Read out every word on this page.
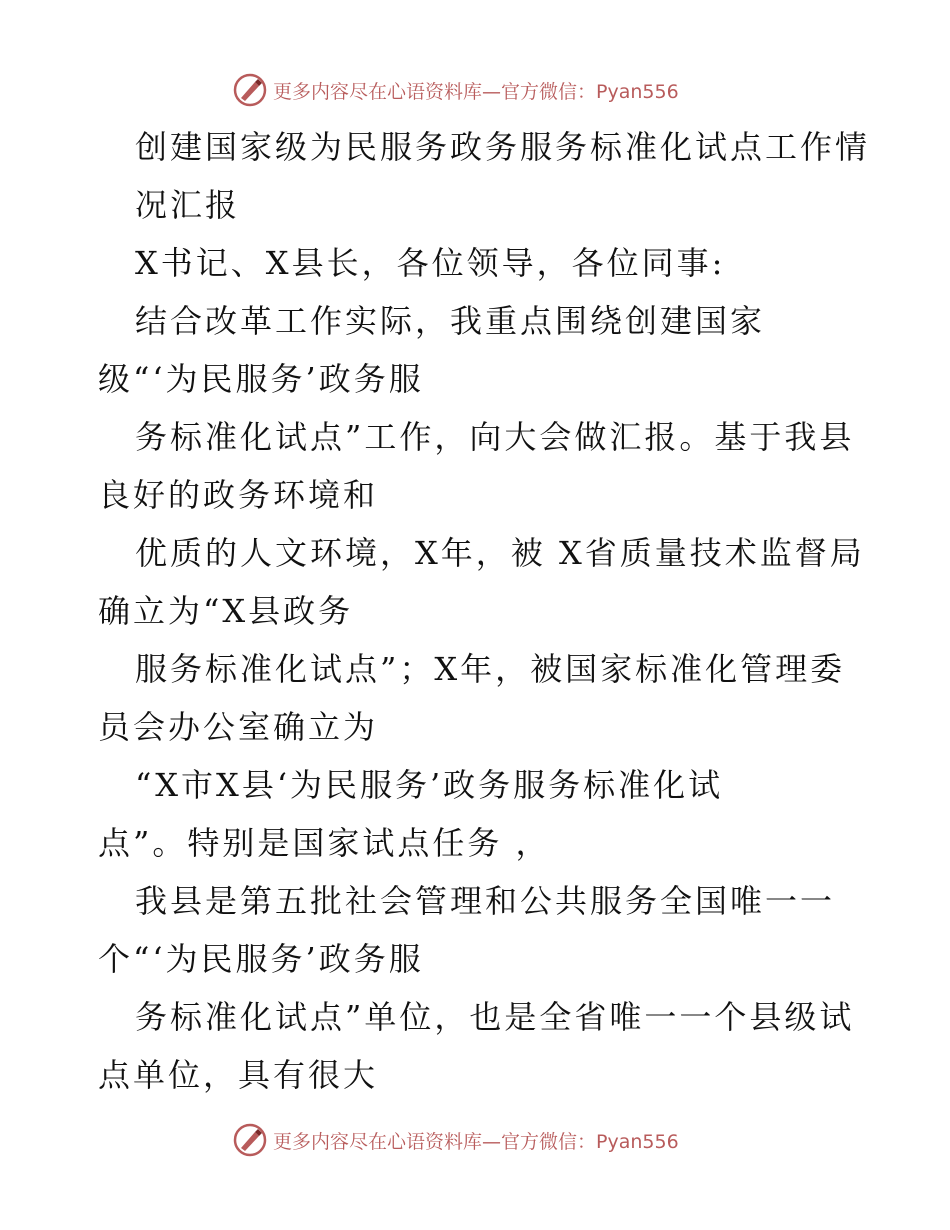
更多内容尽在心语资料库—官方微信：Pyan556
创建国家级为民服务政务服务标准化试点工作情
况汇报
X书记、X县长，各位领导，各位同事:
结合改革工作实际，我重点围绕创建国家
级“‘为民服务’政务服
务标准化试点”工作，向大会做汇报。基于我县
良好的政务环境和
优质的人文环境，X年，被 X省质量技术监督局
确立为“X县政务
服务标准化试点”；X年，被国家标准化管理委
员会办公室确立为
“X市X县‘为民服务’政务服务标准化试
点”。特别是国家试点任务 ，
我县是第五批社会管理和公共服务全国唯一一
个“‘为民服务’政务服
务标准化试点”单位，也是全省唯一一个县级试
点单位，具有很大
更多内容尽在心语资料库—官方微信：Pyan556
